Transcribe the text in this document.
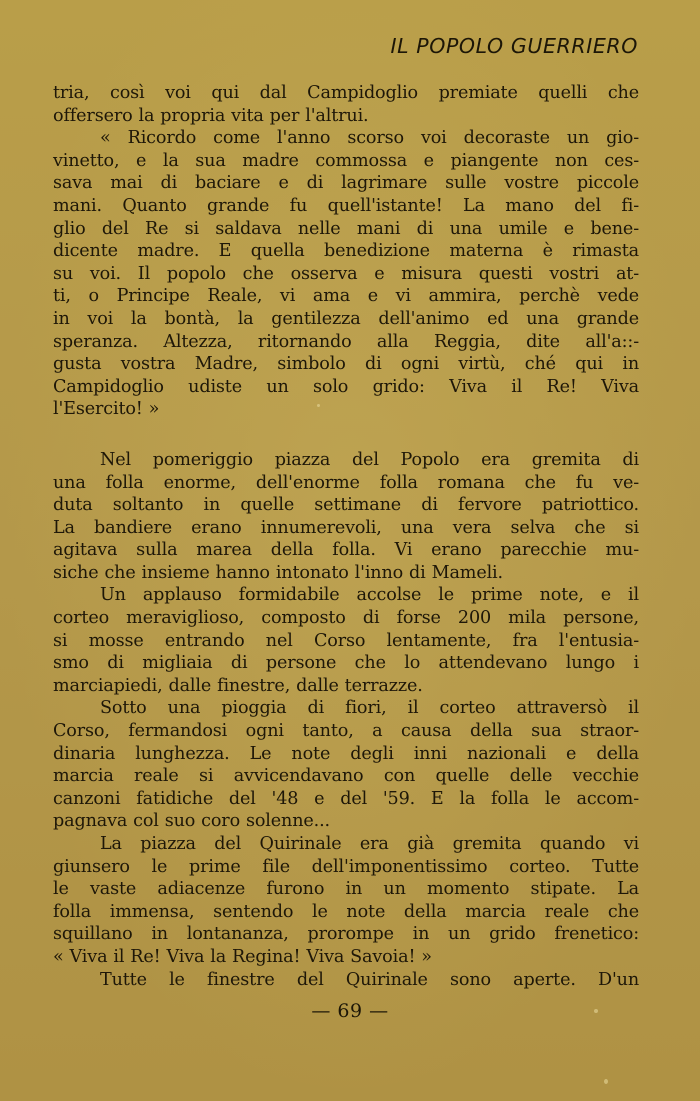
IL POPOLO GUERRIERO
tria, così voi qui dal Campidoglio premiate quelli che
offersero la propria vita per l'altrui.
« Ricordo come l'anno scorso voi decoraste un gio-
vinetto, e la sua madre commossa e piangente non ces-
sava mai di baciare e di lagrimare sulle vostre piccole
mani. Quanto grande fu quell'istante! La mano del fi-
glio del Re si saldava nelle mani di una umile e bene-
dicente madre. E quella benedizione materna è rimasta
su voi. Il popolo che osserva e misura questi vostri at-
ti, o Principe Reale, vi ama e vi ammira, perchè vede
in voi la bontà, la gentilezza dell'animo ed una grande
speranza. Altezza, ritornando alla Reggia, dite all'a::-
gusta vostra Madre, simbolo di ogni virtù, ché qui in
Campidoglio udiste un solo grido: Viva il Re! Viva
l'Esercito! »
Nel pomeriggio piazza del Popolo era gremita di
una folla enorme, dell'enorme folla romana che fu ve-
duta soltanto in quelle settimane di fervore patriottico.
La bandiere erano innumerevoli, una vera selva che si
agitava sulla marea della folla. Vi erano parecchie mu-
siche che insieme hanno intonato l'inno di Mameli.
Un applauso formidabile accolse le prime note, e il
corteo meraviglioso, composto di forse 200 mila persone,
si mosse entrando nel Corso lentamente, fra l'entusia-
smo di migliaia di persone che lo attendevano lungo i
marciapiedi, dalle finestre, dalle terrazze.
Sotto una pioggia di fiori, il corteo attraversò il
Corso, fermandosi ogni tanto, a causa della sua straor-
dinaria lunghezza. Le note degli inni nazionali e della
marcia reale si avvicendavano con quelle delle vecchie
canzoni fatidiche del '48 e del '59. E la folla le accom-
pagnava col suo coro solenne...
La piazza del Quirinale era già gremita quando vi
giunsero le prime file dell'imponentissimo corteo. Tutte
le vaste adiacenze furono in un momento stipate. La
folla immensa, sentendo le note della marcia reale che
squillano in lontananza, prorompe in un grido frenetico:
« Viva il Re! Viva la Regina! Viva Savoia! »
Tutte le finestre del Quirinale sono aperte. D'un
— 69 —
